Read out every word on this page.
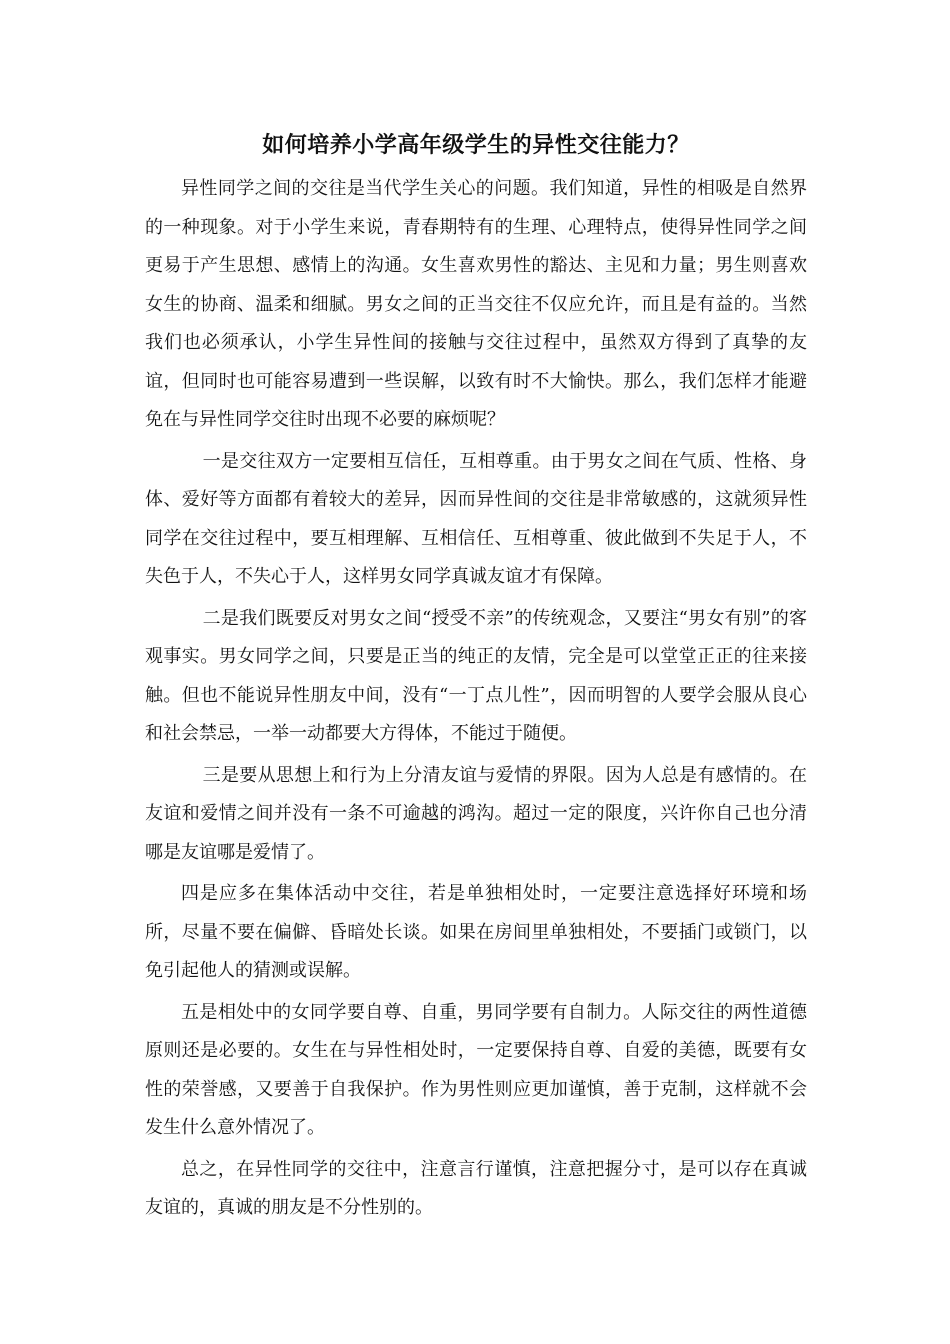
如何培养小学高年级学生的异性交往能力？

异性同学之间的交往是当代学生关心的问题。我们知道，异性的相吸是自然界的一种现象。对于小学生来说，青春期特有的生理、心理特点，使得异性同学之间更易于产生思想、感情上的沟通。女生喜欢男性的豁达、主见和力量；男生则喜欢女生的协商、温柔和细腻。男女之间的正当交往不仅应允许，而且是有益的。当然我们也必须承认，小学生异性间的接触与交往过程中，虽然双方得到了真挚的友谊，但同时也可能容易遭到一些误解，以致有时不大愉快。那么，我们怎样才能避免在与异性同学交往时出现不必要的麻烦呢？

一是交往双方一定要相互信任，互相尊重。由于男女之间在气质、性格、身体、爱好等方面都有着较大的差异，因而异性间的交往是非常敏感的，这就须异性同学在交往过程中，要互相理解、互相信任、互相尊重、彼此做到不失足于人，不失色于人，不失心于人，这样男女同学真诚友谊才有保障。

二是我们既要反对男女之间“授受不亲”的传统观念，又要注“男女有别”的客观事实。男女同学之间，只要是正当的纯正的友情，完全是可以堂堂正正的往来接触。但也不能说异性朋友中间，没有“一丁点儿性”，因而明智的人要学会服从良心和社会禁忌，一举一动都要大方得体，不能过于随便。

三是要从思想上和行为上分清友谊与爱情的界限。因为人总是有感情的。在友谊和爱情之间并没有一条不可逾越的鸿沟。超过一定的限度，兴许你自己也分清哪是友谊哪是爱情了。

四是应多在集体活动中交往，若是单独相处时，一定要注意选择好环境和场所，尽量不要在偏僻、昏暗处长谈。如果在房间里单独相处，不要插门或锁门，以免引起他人的猜测或误解。

五是相处中的女同学要自尊、自重，男同学要有自制力。人际交往的两性道德原则还是必要的。女生在与异性相处时，一定要保持自尊、自爱的美德，既要有女性的荣誉感，又要善于自我保护。作为男性则应更加谨慎，善于克制，这样就不会发生什么意外情况了。

总之，在异性同学的交往中，注意言行谨慎，注意把握分寸，是可以存在真诚友谊的，真诚的朋友是不分性别的。
